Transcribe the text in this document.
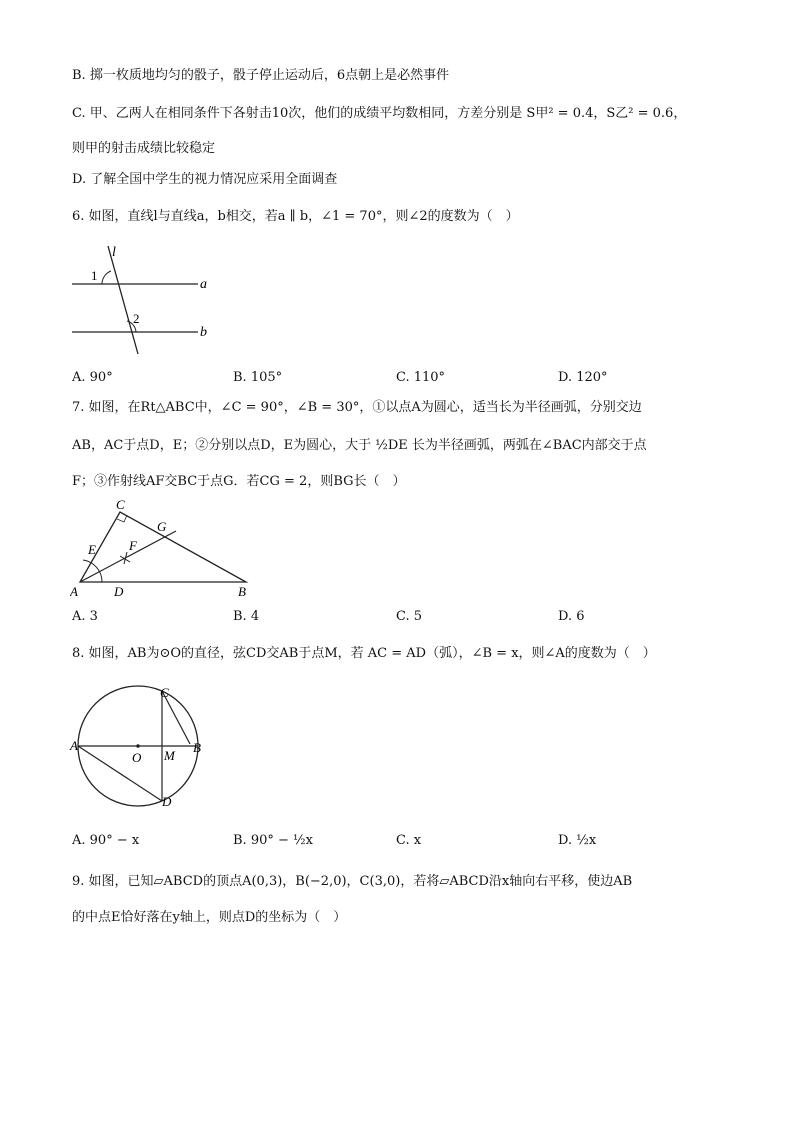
B. 掷一枚质地均匀的骰子，骰子停止运动后，6点朝上是必然事件
C. 甲、乙两人在相同条件下各射击10次，他们的成绩平均数相同，方差分别是 S甲² = 0.4，S乙² = 0.6，
则甲的射击成绩比较稳定
D. 了解全国中学生的视力情况应采用全面调查
6. 如图，直线l与直线a，b相交，若a ∥ b，∠1 = 70°，则∠2的度数为（　）
l
a
b
1
2
A. 90°	B. 105°	C. 110°	D. 120°
7. 如图，在Rt△ABC中，∠C = 90°，∠B = 30°，①以点A为圆心，适当长为半径画弧，分别交边
AB，AC于点D，E；②分别以点D，E为圆心，大于 ½DE 长为半径画弧，两弧在∠BAC内部交于点
F；③作射线AF交BC于点G．若CG = 2，则BG长（　）
C
G
E	F
A	D	B
A. 3	B. 4	C. 5	D. 6
8. 如图，AB为⊙O的直径，弦CD交AB于点M，若 AC = AD（弧），∠B = x，则∠A的度数为（　）
C
A	B
O M
D
A. 90° − x	B. 90° − ½x	C. x	D. ½x
9. 如图，已知▱ABCD的顶点A(0,3)，B(−2,0)，C(3,0)，若将▱ABCD沿x轴向右平移，使边AB
的中点E恰好落在y轴上，则点D的坐标为（　）
